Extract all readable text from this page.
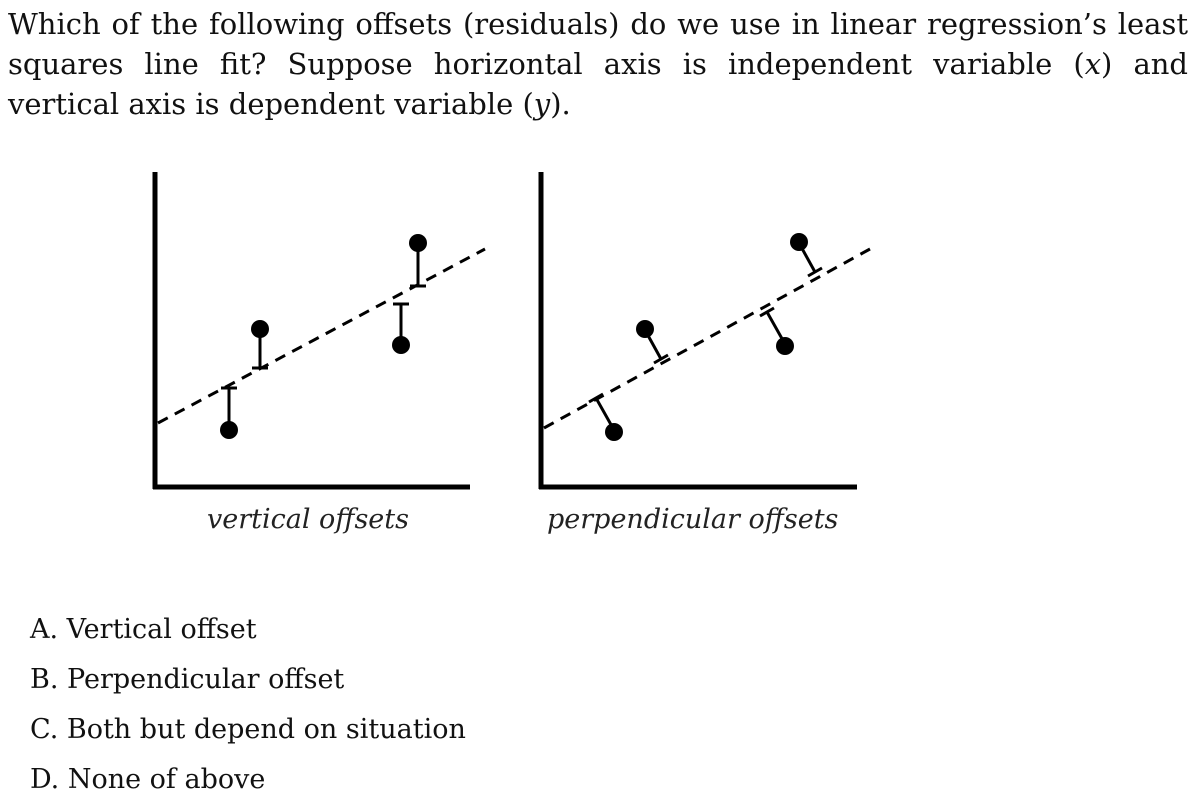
Which of the following offsets (residuals) do we use in linear regression’s least squares line fit? Suppose horizontal axis is independent variable (x) and vertical axis is dependent variable (y).

vertical offsets	perpendicular offsets
A. Vertical offset
B. Perpendicular offset
C. Both but depend on situation
D. None of above
